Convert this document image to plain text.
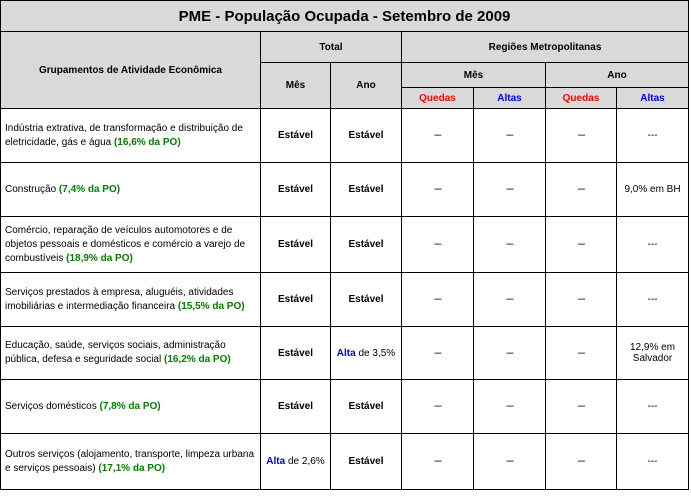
PME - População Ocupada - Setembro de 2009						
Grupamentos de Atividade Econômica	Total		Regiões Metropolitanas			
	Mês	Ano	Mês		Ano	
			Quedas	Altas	Quedas	Altas
Indústria extrativa, de transformação e distribuição de eletricidade, gás e água (16,6% da PO)	Estável	Estável	---	---	---	---
Construção (7,4% da PO)	Estável	Estável	---	---	---	9,0% em BH
Comércio, reparação de veículos automotores e de objetos pessoais e domésticos e comércio a varejo de combustíveis (18,9% da PO)	Estável	Estável	---	---	---	---
Serviços prestados à empresa, aluguéis, atividades imobiliárias e intermediação financeira (15,5% da PO)	Estável	Estável	---	---	---	---
Educação, saúde, serviços sociais, administração pública, defesa e seguridade social (16,2% da PO)	Estável	Alta de 3,5%	---	---	---	12,9% em Salvador
Serviços domésticos (7,8% da PO)	Estável	Estável	---	---	---	---
Outros serviços (alojamento, transporte, limpeza urbana e serviços pessoais) (17,1% da PO)	Alta de 2,6%	Estável	---	---	---	---
